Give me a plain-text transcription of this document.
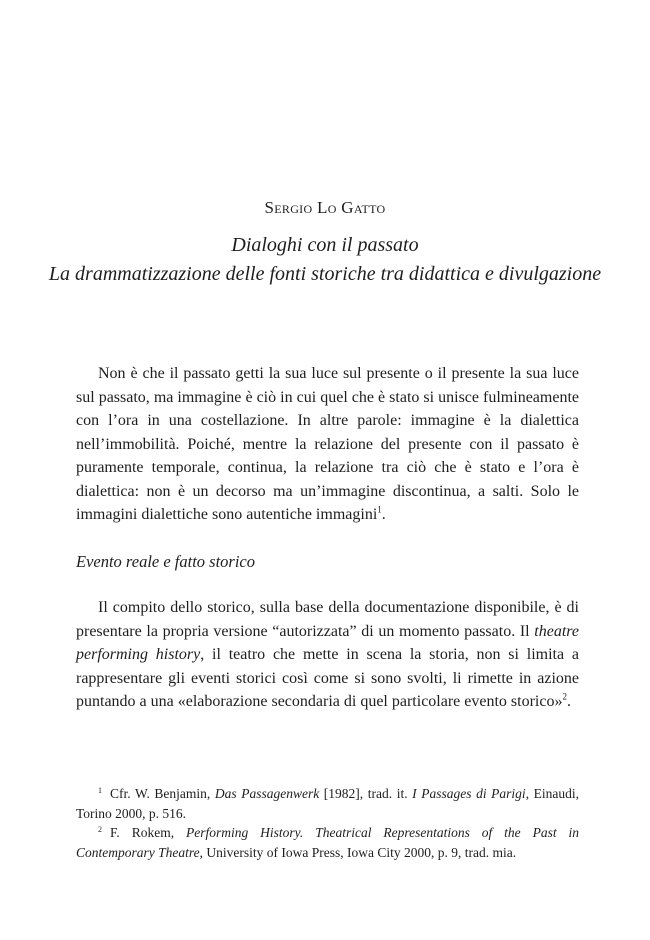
Sergio Lo Gatto
Dialoghi con il passato
La drammatizzazione delle fonti storiche tra didattica e divulgazione

Non è che il passato getti la sua luce sul presente o il presente la sua luce sul passato, ma immagine è ciò in cui quel che è stato si unisce fulmineamente con l’ora in una costellazione. In altre parole: immagine è la dialettica nell’immobilità. Poiché, mentre la relazione del presente con il passato è puramente temporale, continua, la relazione tra ciò che è stato e l’ora è dialettica: non è un decorso ma un’immagine discontinua, a salti. Solo le immagini dialettiche sono autentiche immagini$^1$.

Evento reale e fatto storico

Il compito dello storico, sulla base della documentazione disponibile, è di presentare la propria versione “autorizzata” di un momento passato. Il theatre performing history, il teatro che mette in scena la storia, non si limita a rappresentare gli eventi storici così come si sono svolti, li rimette in azione puntando a una «elaborazione secondaria di quel particolare evento storico»$^2$.

$^1$ Cfr. W. Benjamin, Das Passagenwerk [1982], trad. it. I Passages di Parigi, Einaudi, Torino 2000, p. 516.

$^2$ F. Rokem, Performing History. Theatrical Representations of the Past in Contemporary Theatre, University of Iowa Press, Iowa City 2000, p. 9, trad. mia.
